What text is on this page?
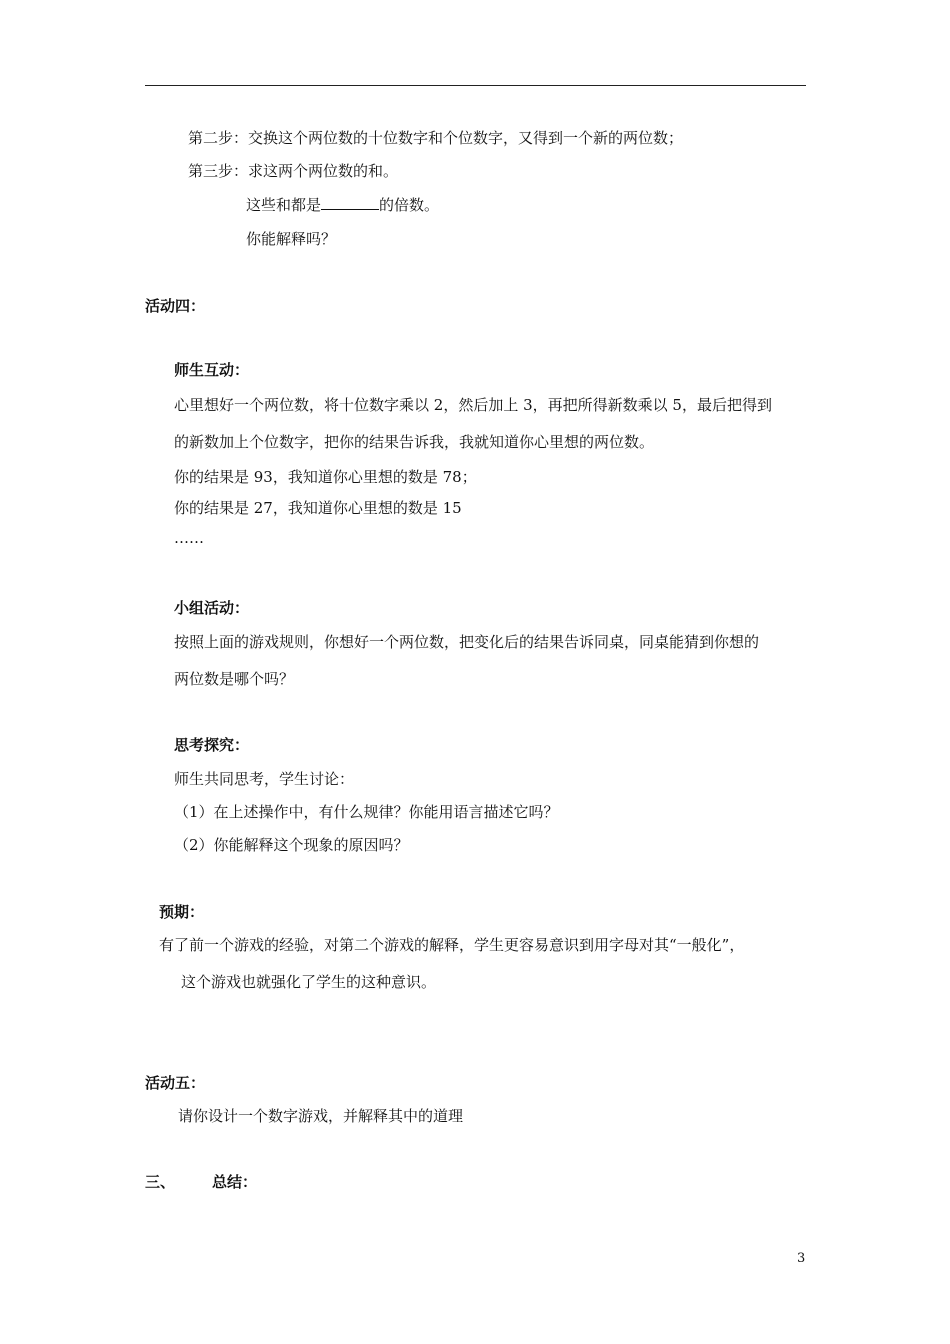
第二步：交换这个两位数的十位数字和个位数字，又得到一个新的两位数；
第三步：求这两个两位数的和。
这些和都是	的倍数。
你能解释吗？
活动四：
师生互动：
心里想好一个两位数，将十位数字乘以 2，然后加上 3，再把所得新数乘以 5，最后把得到
的新数加上个位数字，把你的结果告诉我，我就知道你心里想的两位数。
你的结果是 93，我知道你心里想的数是 78；
你的结果是 27，我知道你心里想的数是 15
……
小组活动：
按照上面的游戏规则，你想好一个两位数，把变化后的结果告诉同桌，同桌能猜到你想的
两位数是哪个吗？
思考探究：
师生共同思考，学生讨论：
（1）在上述操作中，有什么规律？你能用语言描述它吗？
（2）你能解释这个现象的原因吗？
预期：
有了前一个游戏的经验，对第二个游戏的解释，学生更容易意识到用字母对其“一般化”，
这个游戏也就强化了学生的这种意识。
活动五：
请你设计一个数字游戏，并解释其中的道理
三、 总结：
3
